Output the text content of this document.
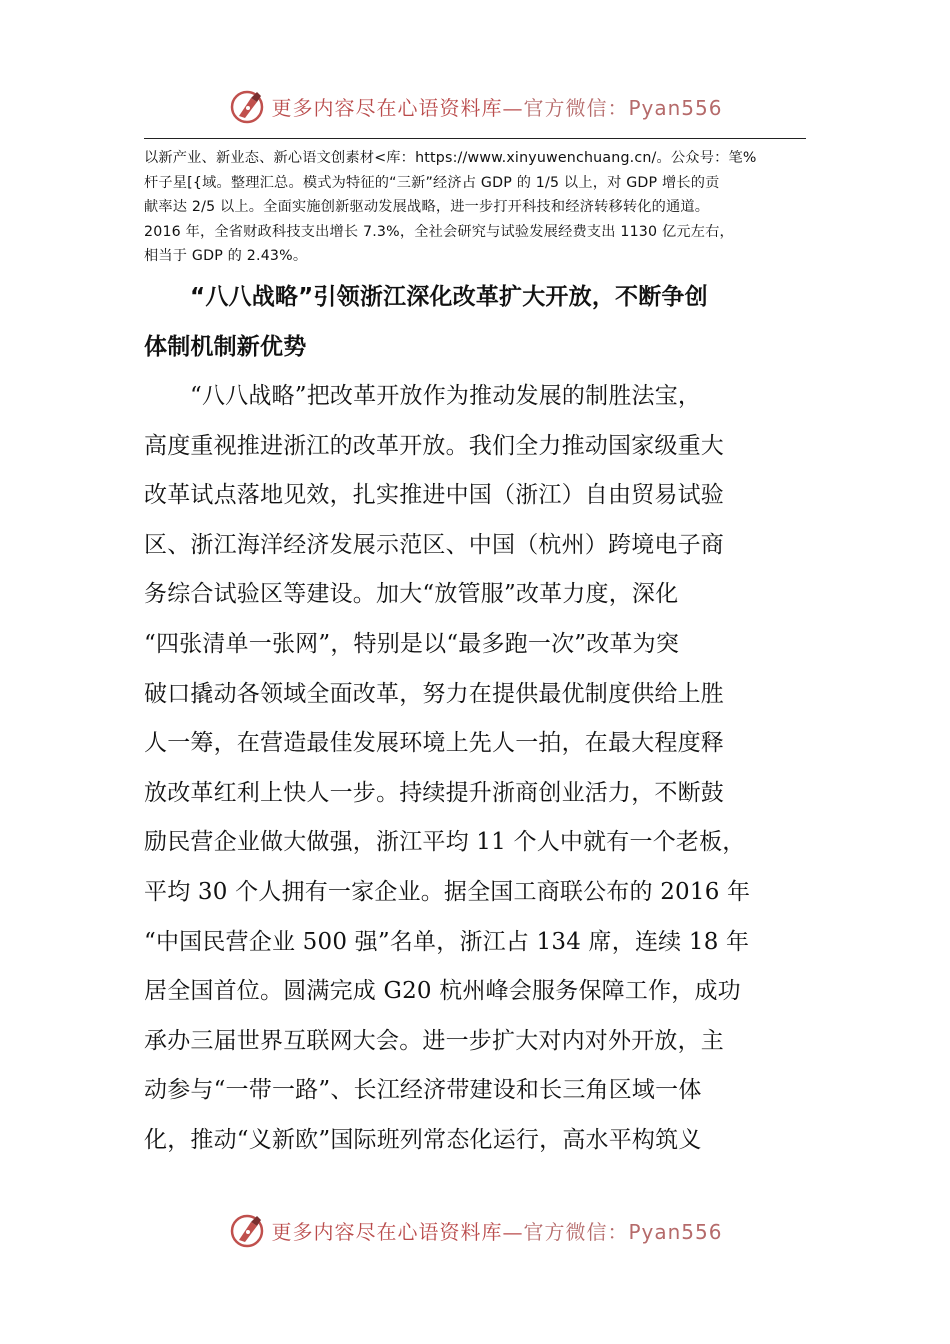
更多内容尽在心语资料库—官方微信：Pyan556

以新产业、新业态、新心语文创素材<库：https://www.xinyuwenchuang.cn/。公众号：笔%

杆子星[{域。整理汇总。模式为特征的“三新”经济占 GDP 的 1/5 以上，对 GDP 增长的贡

献率达 2/5 以上。全面实施创新驱动发展战略，进一步打开科技和经济转移转化的通道。

2016 年，全省财政科技支出增长 7.3%，全社会研究与试验发展经费支出 1130 亿元左右，

相当于 GDP 的 2.43%。

“八八战略”引领浙江深化改革扩大开放，不断争创
体制机制新优势
“八八战略”把改革开放作为推动发展的制胜法宝，
高度重视推进浙江的改革开放。我们全力推动国家级重大
改革试点落地见效，扎实推进中国（浙江）自由贸易试验
区、浙江海洋经济发展示范区、中国（杭州）跨境电子商
务综合试验区等建设。加大“放管服”改革力度，深化
“四张清单一张网”，特别是以“最多跑一次”改革为突
破口撬动各领域全面改革，努力在提供最优制度供给上胜
人一筹，在营造最佳发展环境上先人一拍，在最大程度释
放改革红利上快人一步。持续提升浙商创业活力，不断鼓
励民营企业做大做强，浙江平均 11 个人中就有一个老板，
平均 30 个人拥有一家企业。据全国工商联公布的 2016 年
“中国民营企业 500 强”名单，浙江占 134 席，连续 18 年
居全国首位。圆满完成 G20 杭州峰会服务保障工作，成功
承办三届世界互联网大会。进一步扩大对内对外开放，主
动参与“一带一路”、长江经济带建设和长三角区域一体
化，推动“义新欧”国际班列常态化运行，高水平构筑义
更多内容尽在心语资料库—官方微信：Pyan556
